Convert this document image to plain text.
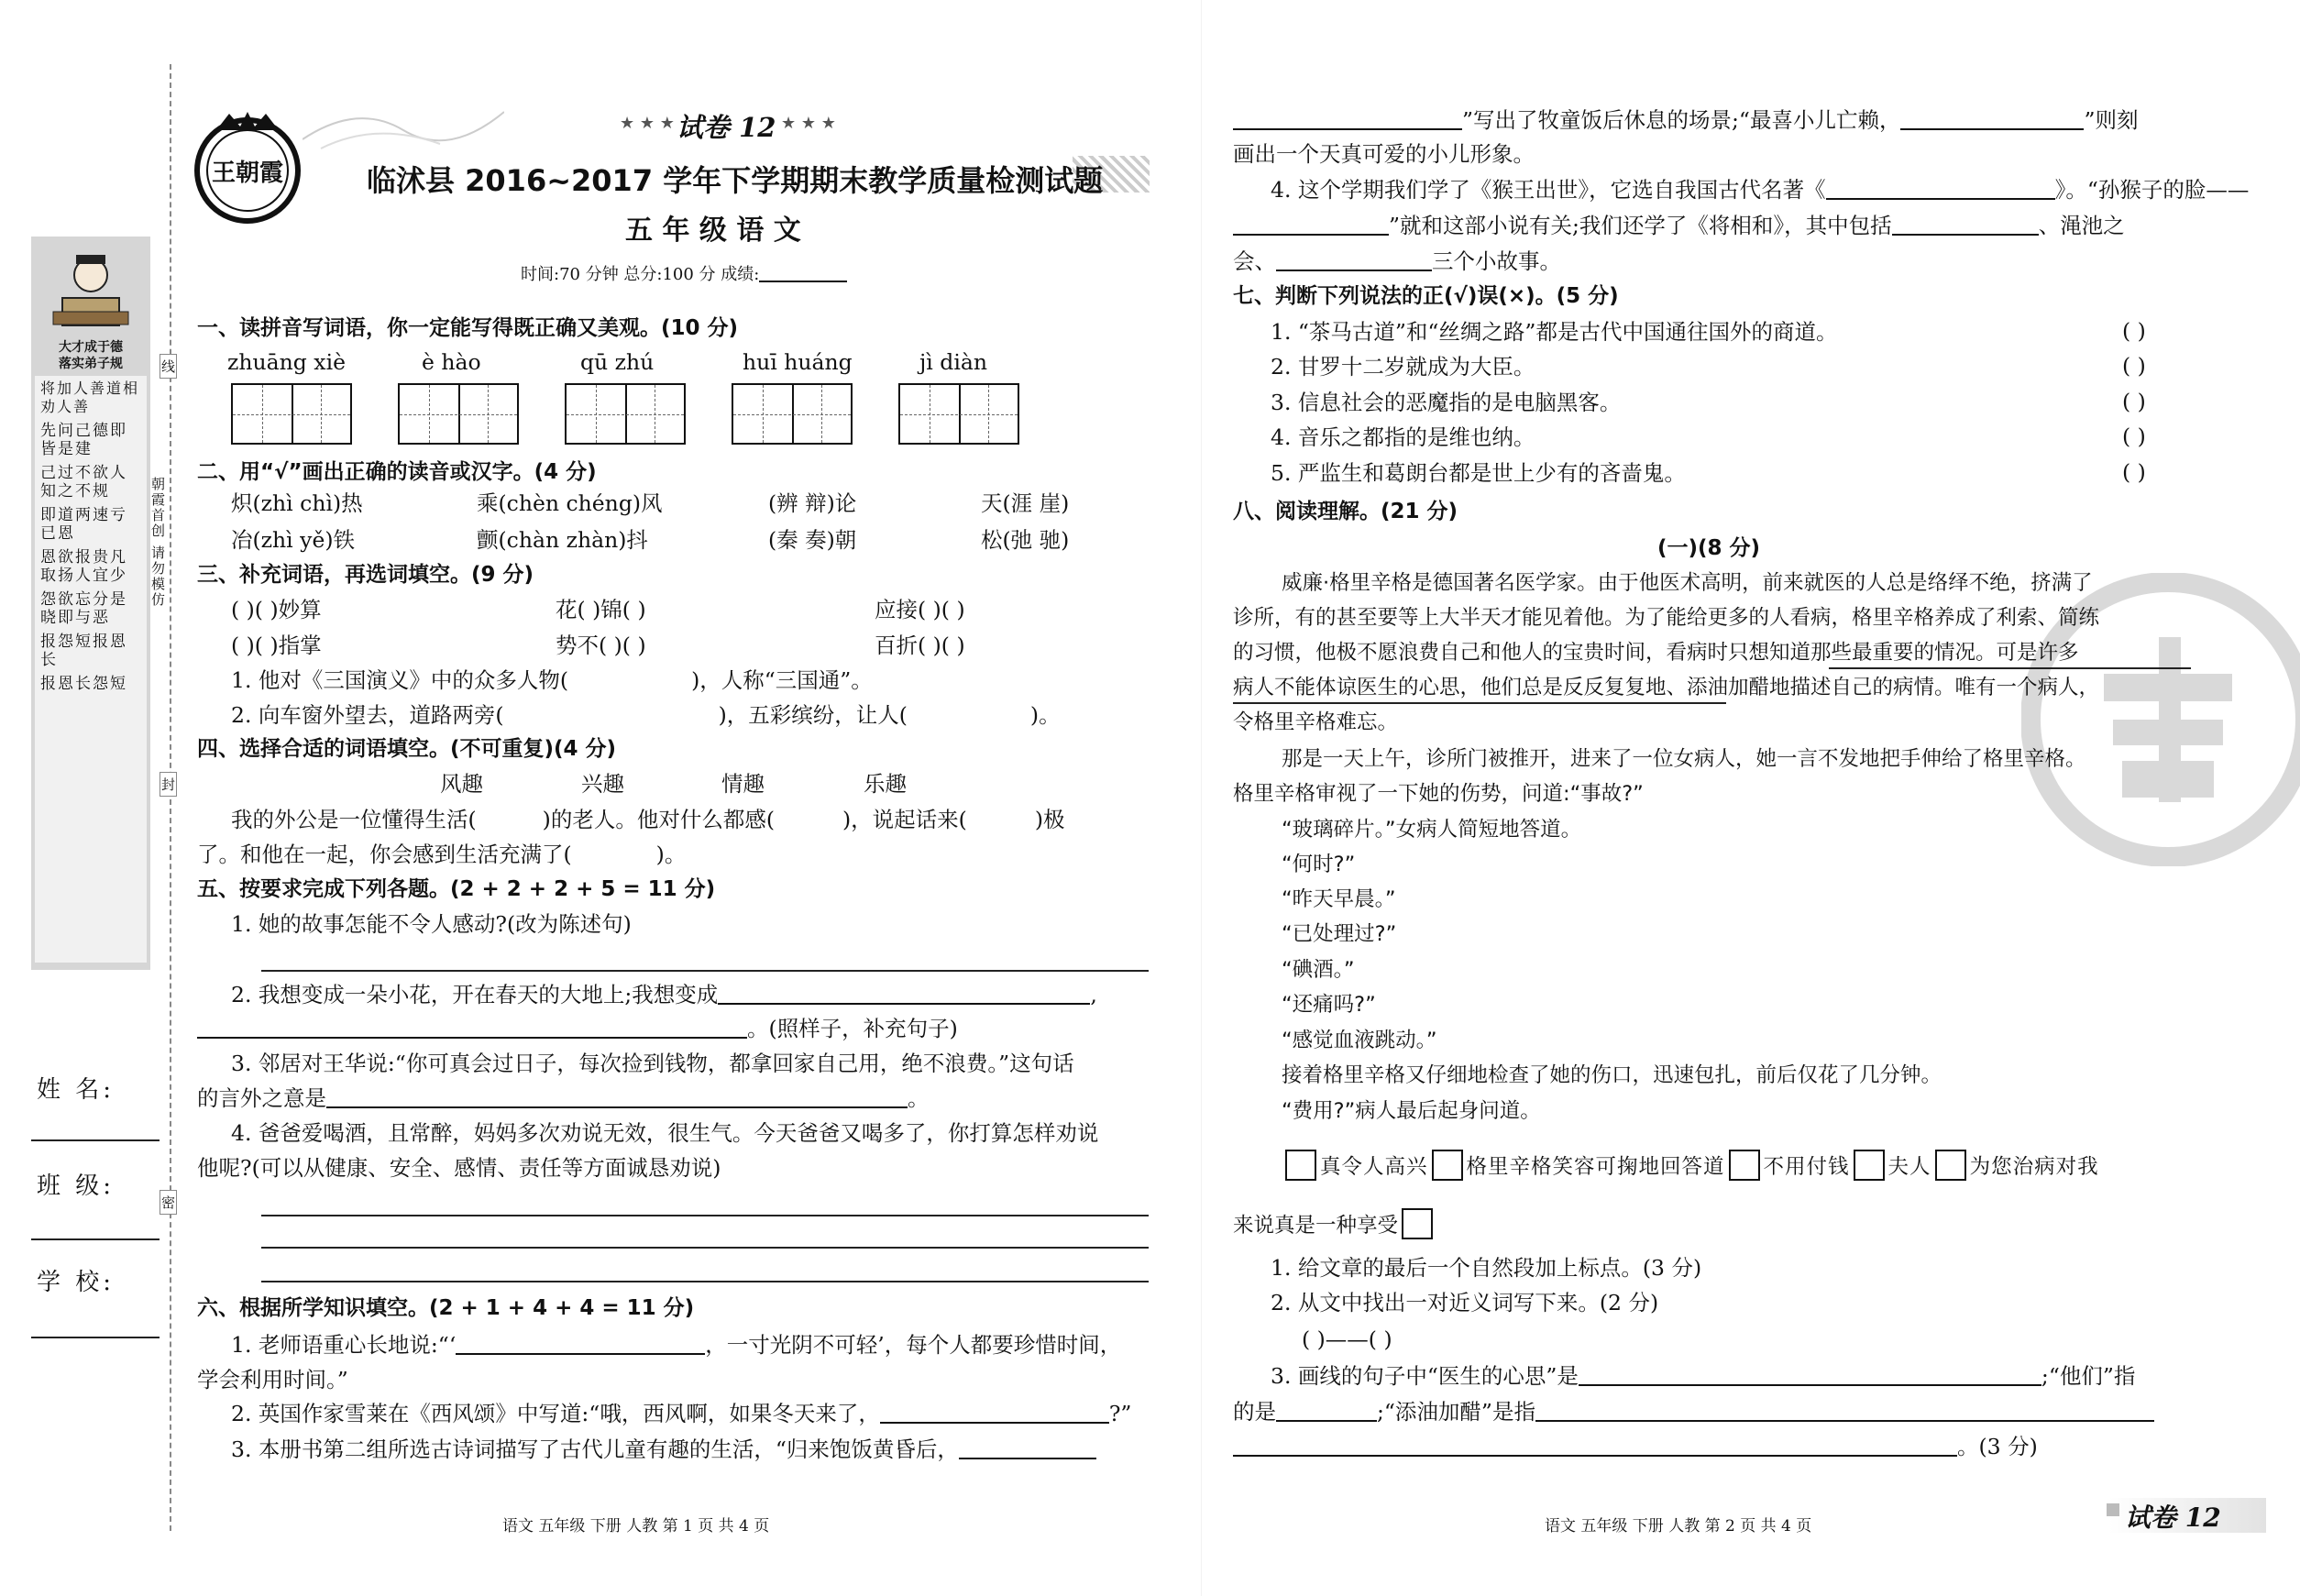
大才成于德
落实弟子规
将加人善道相劝人善
先问己德即皆是建
己过不欲人知之不规
即道两速亏已恩
恩欲报贵凡取扬人宜少
怨欲忘分是晓即与恶
报怨短报恩长
报恩长怨短
姓 名:
班 级:
学 校:
朝霞首创 请勿模仿
线
封
密
王朝霞
★ ★ ★ 试卷 12 ★ ★ ★
临沭县 2016~2017 学年下学期期末教学质量检测试题
五 年 级 语 文
时间:70 分钟 总分:100 分 成绩:
一、读拼音写词语，你一定能写得既正确又美观。(10 分)
zhuāng xiè	è hào	qū zhú	huī huáng	jì diàn
二、用“√”画出正确的读音或汉字。(4 分)
炽(zhì chì)热	乘(chèn chéng)风	(辨 辩)论	天(涯 崖)
冶(zhì yě)铁	颤(chàn zhàn)抖	(秦 奏)朝	松(弛 驰)
三、补充词语，再选词填空。(9 分)
( )( )妙算	花( )锦( )	应接( )( )
( )( )指掌	势不( )( )	百折( )( )
1. 他对《三国演义》中的众多人物(	)，人称“三国通”。
2. 向车窗外望去，道路两旁(	)，五彩缤纷，让人(	)。
四、选择合适的词语填空。(不可重复)(4 分)
风趣	兴趣	情趣	乐趣
我的外公是一位懂得生活(	)的老人。他对什么都感(	)，说起话来(	)极
了。和他在一起，你会感到生活充满了(	)。
五、按要求完成下列各题。(2 + 2 + 2 + 5 = 11 分)
1. 她的故事怎能不令人感动?(改为陈述句)
2. 我想变成一朵小花，开在春天的大地上;我想变成	,
。(照样子，补充句子)
3. 邻居对王华说:“你可真会过日子，每次捡到钱物，都拿回家自己用，绝不浪费。”这句话
的言外之意是	。
4. 爸爸爱喝酒，且常醉，妈妈多次劝说无效，很生气。今天爸爸又喝多了，你打算怎样劝说
他呢?(可以从健康、安全、感情、责任等方面诚恳劝说)
六、根据所学知识填空。(2 + 1 + 4 + 4 = 11 分)
1. 老师语重心长地说:“‘	，一寸光阴不可轻’，每个人都要珍惜时间，
学会利用时间。”
2. 英国作家雪莱在《西风颂》中写道:“哦，西风啊，如果冬天来了，	?”
3. 本册书第二组所选古诗词描写了古代儿童有趣的生活，“归来饱饭黄昏后，
语文 五年级 下册 人教 第 1 页 共 4 页
”写出了牧童饭后休息的场景;“最喜小儿亡赖，	”则刻
画出一个天真可爱的小儿形象。
4. 这个学期我们学了《猴王出世》，它选自我国古代名著《	》。“孙猴子的脸——
”就和这部小说有关;我们还学了《将相和》，其中包括	、渑池之
会、	三个小故事。
七、判断下列说法的正(√)误(×)。(5 分)
1. “茶马古道”和“丝绸之路”都是古代中国通往国外的商道。
2. 甘罗十二岁就成为大臣。
3. 信息社会的恶魔指的是电脑黑客。
4. 音乐之都指的是维也纳。
5. 严监生和葛朗台都是世上少有的吝啬鬼。
( )
( )
( )
( )
( )
八、阅读理解。(21 分)
(一)(8 分)
威廉·格里辛格是德国著名医学家。由于他医术高明，前来就医的人总是络绎不绝，挤满了
诊所，有的甚至要等上大半天才能见着他。为了能给更多的人看病，格里辛格养成了利索、简练
的习惯，他极不愿浪费自己和他人的宝贵时间，看病时只想知道那些最重要的情况。可是许多
病人不能体谅医生的心思，他们总是反反复复地、添油加醋地描述自己的病情。唯有一个病人，
令格里辛格难忘。
那是一天上午，诊所门被推开，进来了一位女病人，她一言不发地把手伸给了格里辛格。
格里辛格审视了一下她的伤势，问道:“事故?”
“玻璃碎片。”女病人简短地答道。
“何时?”
“昨天早晨。”
“已处理过?”
“碘酒。”
“还痛吗?”
“感觉血液跳动。”
接着格里辛格又仔细地检查了她的伤口，迅速包扎，前后仅花了几分钟。
“费用?”病人最后起身问道。
真令人高兴 格里辛格笑容可掬地回答道 不用付钱 夫人 为您治病对我
来说真是一种享受
1. 给文章的最后一个自然段加上标点。(3 分)
2. 从文中找出一对近义词写下来。(2 分)
( )——( )
3. 画线的句子中“医生的心思”是	;“他们”指
的是	;“添油加醋”是指
。(3 分)
语文 五年级 下册 人教 第 2 页 共 4 页	试卷 12
